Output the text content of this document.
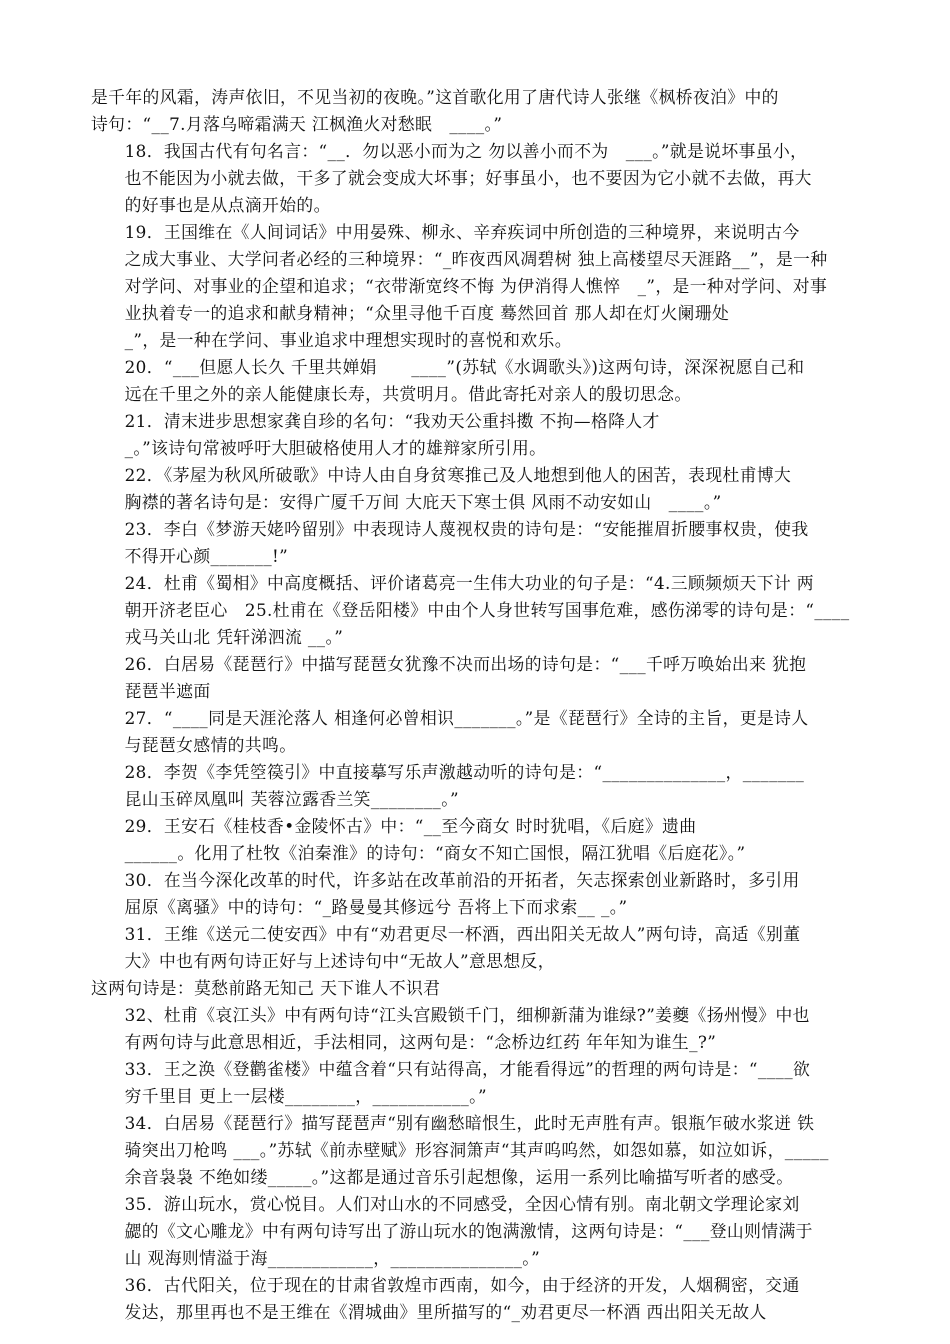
是千年的风霜，涛声依旧，不见当初的夜晚。”这首歌化用了唐代诗人张继《枫桥夜泊》中的
诗句：“__7.月落乌啼霜满天 江枫渔火对愁眠　____。”
18．我国古代有句名言：“__．勿以恶小而为之 勿以善小而不为　___。”就是说坏事虽小，
也不能因为小就去做，干多了就会变成大坏事；好事虽小，也不要因为它小就不去做，再大
的好事也是从点滴开始的。
19．王国维在《人间词话》中用晏殊、柳永、辛弃疾词中所创造的三种境界，来说明古今
之成大事业、大学问者必经的三种境界：“_昨夜西风凋碧树 独上高楼望尽天涯路__”，是一种
对学问、对事业的企望和追求；“衣带渐宽终不悔 为伊消得人憔悴　_”，是一种对学问、对事
业执着专一的追求和献身精神；“众里寻他千百度 蓦然回首 那人却在灯火阑珊处
_”，是一种在学问、事业追求中理想实现时的喜悦和欢乐。
20．“___但愿人长久 千里共婵娟　　____”(苏轼《水调歌头》)这两句诗，深深祝愿自己和
远在千里之外的亲人能健康长寿，共赏明月。借此寄托对亲人的殷切思念。
21．清末进步思想家龚自珍的名句：“我劝天公重抖擞 不拘—格降人才
_。”该诗句常被呼吁大胆破格使用人才的雄辩家所引用。
22．《茅屋为秋风所破歌》中诗人由自身贫寒推己及人地想到他人的困苦，表现杜甫博大
胸襟的著名诗句是：安得广厦千万间 大庇天下寒士俱 风雨不动安如山　____。”
23．李白《梦游天姥吟留别》中表现诗人蔑视权贵的诗句是：“安能摧眉折腰事权贵，使我
不得开心颜_______!”
24．杜甫《蜀相》中高度概括、评价诸葛亮一生伟大功业的句子是：“4.三顾频烦天下计 两
朝开济老臣心　25.杜甫在《登岳阳楼》中由个人身世转写国事危难，感伤涕零的诗句是：“____
戎马关山北 凭轩涕泗流 __。”
26．白居易《琵琶行》中描写琵琶女犹豫不决而出场的诗句是：“___千呼万唤始出来 犹抱
琵琶半遮面
27．“____同是天涯沦落人 相逢何必曾相识_______。”是《琵琶行》全诗的主旨，更是诗人
与琵琶女感情的共鸣。
28．李贺《李凭箜篌引》中直接摹写乐声激越动听的诗句是：“______________，_______
昆山玉碎凤凰叫 芙蓉泣露香兰笑________。”
29．王安石《桂枝香•金陵怀古》中：“__至今商女 时时犹唱，《后庭》遗曲
______。化用了杜牧《泊秦淮》的诗句：“商女不知亡国恨，隔江犹唱《后庭花》。”
30．在当今深化改革的时代，许多站在改革前沿的开拓者，矢志探索创业新路时，多引用
屈原《离骚》中的诗句：“_路曼曼其修远兮 吾将上下而求索__ _。”
31．王维《送元二使安西》中有“劝君更尽一杯酒，西出阳关无故人”两句诗，高适《别董
大》中也有两句诗正好与上述诗句中“无故人”意思想反，
这两句诗是：莫愁前路无知己 天下谁人不识君
32、杜甫《哀江头》中有两句诗“江头宫殿锁千门，细柳新蒲为谁绿?”姜夔《扬州慢》中也
有两句诗与此意思相近，手法相同，这两句是：“念桥边红药 年年知为谁生_?”
33．王之涣《登鹳雀楼》中蕴含着“只有站得高，才能看得远”的哲理的两句诗是：“____欲
穷千里目 更上一层楼________，___________。”
34．白居易《琵琶行》描写琵琶声“别有幽愁暗恨生，此时无声胜有声。银瓶乍破水浆迸 铁
骑突出刀枪鸣 ___。”苏轼《前赤壁赋》形容洞箫声“其声呜呜然，如怨如慕，如泣如诉，_____
余音袅袅 不绝如缕_____。”这都是通过音乐引起想像，运用一系列比喻描写听者的感受。
35．游山玩水，赏心悦目。人们对山水的不同感受，全因心情有别。南北朝文学理论家刘
勰的《文心雕龙》中有两句诗写出了游山玩水的饱满激情，这两句诗是：“___登山则情满于
山 观海则情溢于海____________，_______________。”
36．古代阳关，位于现在的甘肃省敦煌市西南，如今，由于经济的开发，人烟稠密，交通
发达，那里再也不是王维在《渭城曲》里所描写的“_劝君更尽一杯酒 西出阳关无故人
